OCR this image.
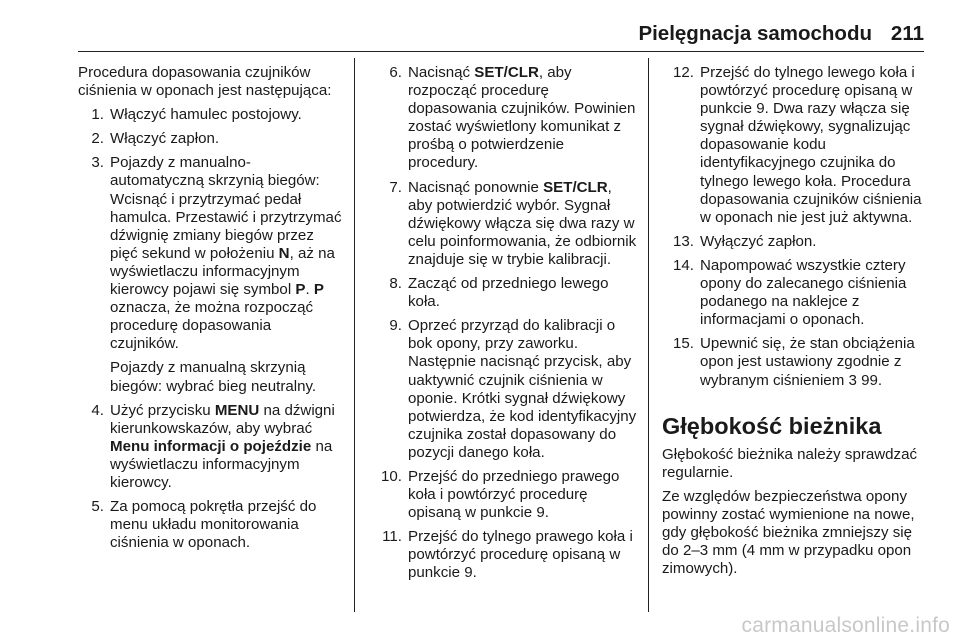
Pielęgnacja samochodu 211

Procedura dopasowania czujników ciśnienia w oponach jest następująca:

1. Włączyć hamulec postojowy.
2. Włączyć zapłon.
3. Pojazdy z manualno-automatyczną skrzynią biegów: Wcisnąć i przytrzymać pedał hamulca. Przestawić i przytrzymać dźwignię zmiany biegów przez pięć sekund w położeniu N, aż na wyświetlaczu informacyjnym kierowcy pojawi się symbol P. P oznacza, że można rozpocząć procedurę dopasowania czujników.

Pojazdy z manualną skrzynią biegów: wybrać bieg neutralny.

4. Użyć przycisku MENU na dźwigni kierunkowskazów, aby wybrać Menu informacji o pojeździe na wyświetlaczu informacyjnym kierowcy.
5. Za pomocą pokrętła przejść do menu układu monitorowania ciśnienia w oponach.
6. Nacisnąć SET/CLR, aby rozpocząć procedurę dopasowania czujników. Powinien zostać wyświetlony komunikat z prośbą o potwierdzenie procedury.
7. Nacisnąć ponownie SET/CLR, aby potwierdzić wybór. Sygnał dźwiękowy włącza się dwa razy w celu poinformowania, że odbiornik znajduje się w trybie kalibracji.
8. Zacząć od przedniego lewego koła.
9. Oprzeć przyrząd do kalibracji o bok opony, przy zaworku. Następnie nacisnąć przycisk, aby uaktywnić czujnik ciśnienia w oponie. Krótki sygnał dźwiękowy potwierdza, że kod identyfikacyjny czujnika został dopasowany do pozycji danego koła.
10. Przejść do przedniego prawego koła i powtórzyć procedurę opisaną w punkcie 9.
11. Przejść do tylnego prawego koła i powtórzyć procedurę opisaną w punkcie 9.
12. Przejść do tylnego lewego koła i powtórzyć procedurę opisaną w punkcie 9. Dwa razy włącza się sygnał dźwiękowy, sygnalizując dopasowanie kodu identyfikacyjnego czujnika do tylnego lewego koła. Procedura dopasowania czujników ciśnienia w oponach nie jest już aktywna.
13. Wyłączyć zapłon.
14. Napompować wszystkie cztery opony do zalecanego ciśnienia podanego na naklejce z informacjami o oponach.
15. Upewnić się, że stan obciążenia opon jest ustawiony zgodnie z wybranym ciśnieniem 3 99.

Głębokość bieżnika

Głębokość bieżnika należy sprawdzać regularnie.

Ze względów bezpieczeństwa opony powinny zostać wymienione na nowe, gdy głębokość bieżnika zmniejszy się do 2–3 mm (4 mm w przypadku opon zimowych).

carmanualsonline.info
